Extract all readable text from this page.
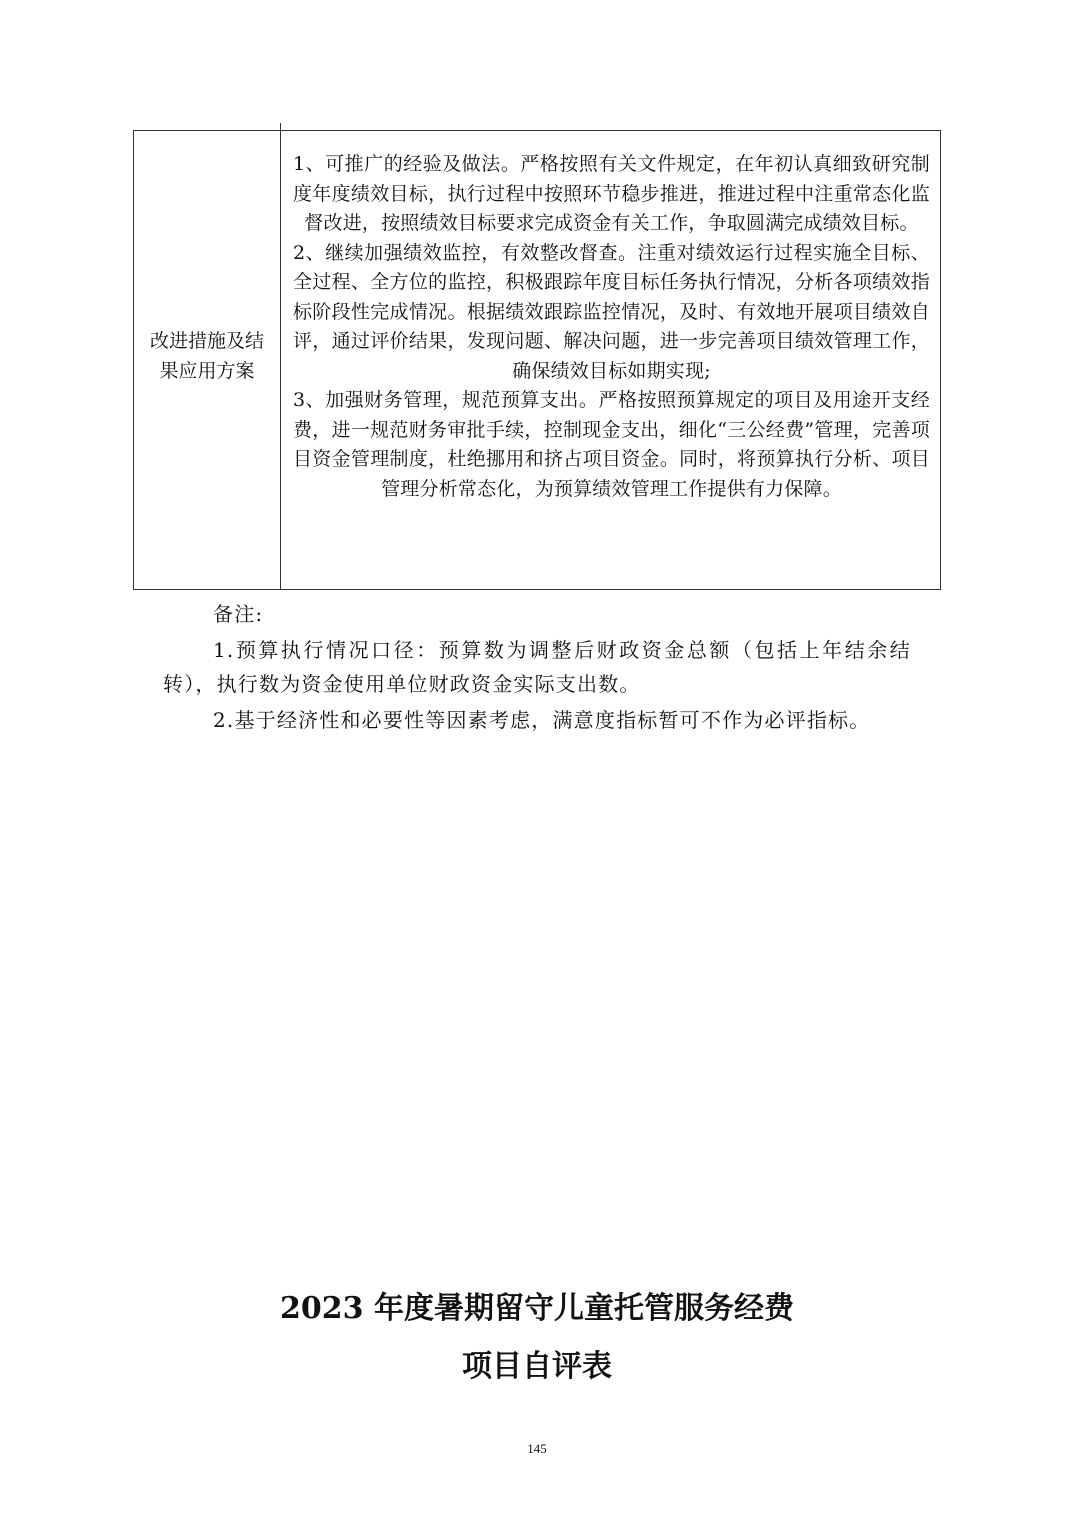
改进措施及结果应用方案

1、可推广的经验及做法。严格按照有关文件规定，在年初认真细致研究制度年度绩效目标，执行过程中按照环节稳步推进，推进过程中注重常态化监督改进，按照绩效目标要求完成资金有关工作，争取圆满完成绩效目标。

2、继续加强绩效监控，有效整改督查。注重对绩效运行过程实施全目标、全过程、全方位的监控，积极跟踪年度目标任务执行情况，分析各项绩效指标阶段性完成情况。根据绩效跟踪监控情况，及时、有效地开展项目绩效自评，通过评价结果，发现问题、解决问题，进一步完善项目绩效管理工作，确保绩效目标如期实现;

3、加强财务管理，规范预算支出。严格按照预算规定的项目及用途开支经费，进一规范财务审批手续，控制现金支出，细化“三公经费”管理，完善项目资金管理制度，杜绝挪用和挤占项目资金。同时，将预算执行分析、项目管理分析常态化，为预算绩效管理工作提供有力保障。

备注:

1.预算执行情况口径：预算数为调整后财政资金总额（包括上年结余结转），执行数为资金使用单位财政资金实际支出数。

2.基于经济性和必要性等因素考虑，满意度指标暂可不作为必评指标。

2023 年度暑期留守儿童托管服务经费
项目自评表
145
